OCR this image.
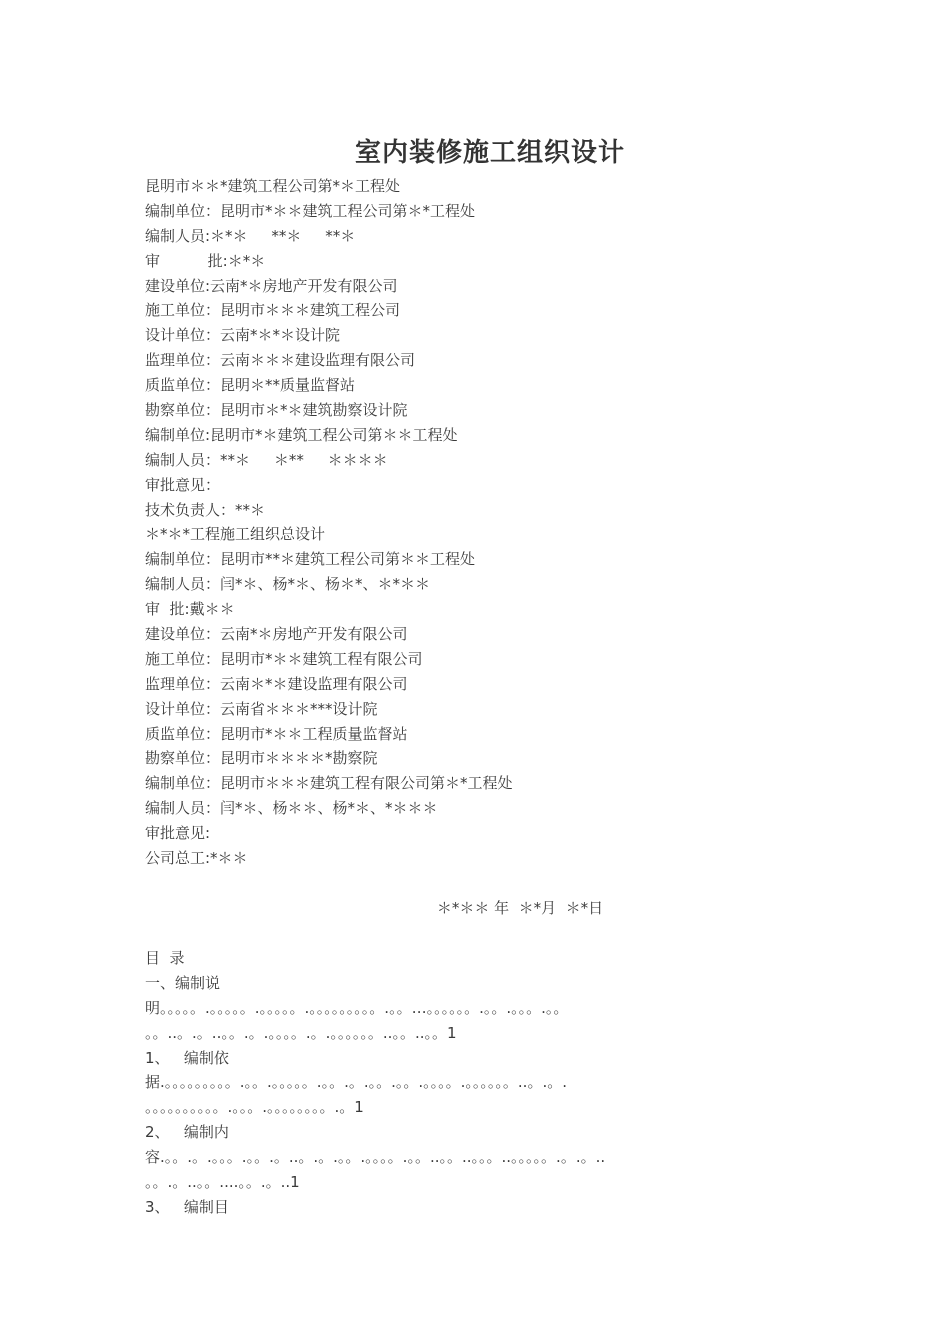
室内装修施工组织设计
昆明市＊＊*建筑工程公司第*＊工程处
编制单位：昆明市*＊＊建筑工程公司第＊*工程处
编制人员:＊*＊     **＊     **＊
审          批:＊*＊
建设单位:云南*＊房地产开发有限公司
施工单位：昆明市＊＊＊建筑工程公司
设计单位：云南*＊*＊设计院
监理单位：云南＊＊＊建设监理有限公司
质监单位：昆明＊**质量监督站
勘察单位：昆明市＊*＊建筑勘察设计院
编制单位:昆明市*＊建筑工程公司第＊＊工程处
编制人员：**＊     ＊**     ＊＊＊＊
审批意见：
技术负责人：**＊
＊*＊*工程施工组织总设计
编制单位：昆明市**＊建筑工程公司第＊＊工程处
编制人员：闫*＊、杨*＊、杨＊*、＊*＊＊
审  批:戴＊＊
建设单位：云南*＊房地产开发有限公司
施工单位：昆明市*＊＊建筑工程有限公司
监理单位：云南＊*＊建设监理有限公司
设计单位：云南省＊＊＊***设计院
质监单位：昆明市*＊＊工程质量监督站
勘察单位：昆明市＊＊＊＊*勘察院
编制单位：昆明市＊＊＊建筑工程有限公司第＊*工程处
编制人员：闫*＊、杨＊＊、杨*＊、*＊＊＊
审批意见:
公司总工:*＊＊
＊*＊＊ 年  ＊*月  ＊*日
目  录
一、编制说
明。。。。。.。。。。。.。。。。。.。。。。。。。。。.。。…。。。。。。.。。.。。。.。。
。。..。.。..。。.。.。。。。.。.。。。。。。..。。..。。1
1、   编制依
据.。。。。。。。。。.。。.。。。。。.。。.。.。。.。。.。。。。.。。。。。。..。.。.
。。。。。。。。。。.。。。.。。。。。。。。.。1
2、   编制内
容.。。.。.。。。.。。.。..。.。.。。.。。。。.。。..。。..。。。..。。。。。.。.。..
。。.。..。。....。。.。..1
3、   编制目
